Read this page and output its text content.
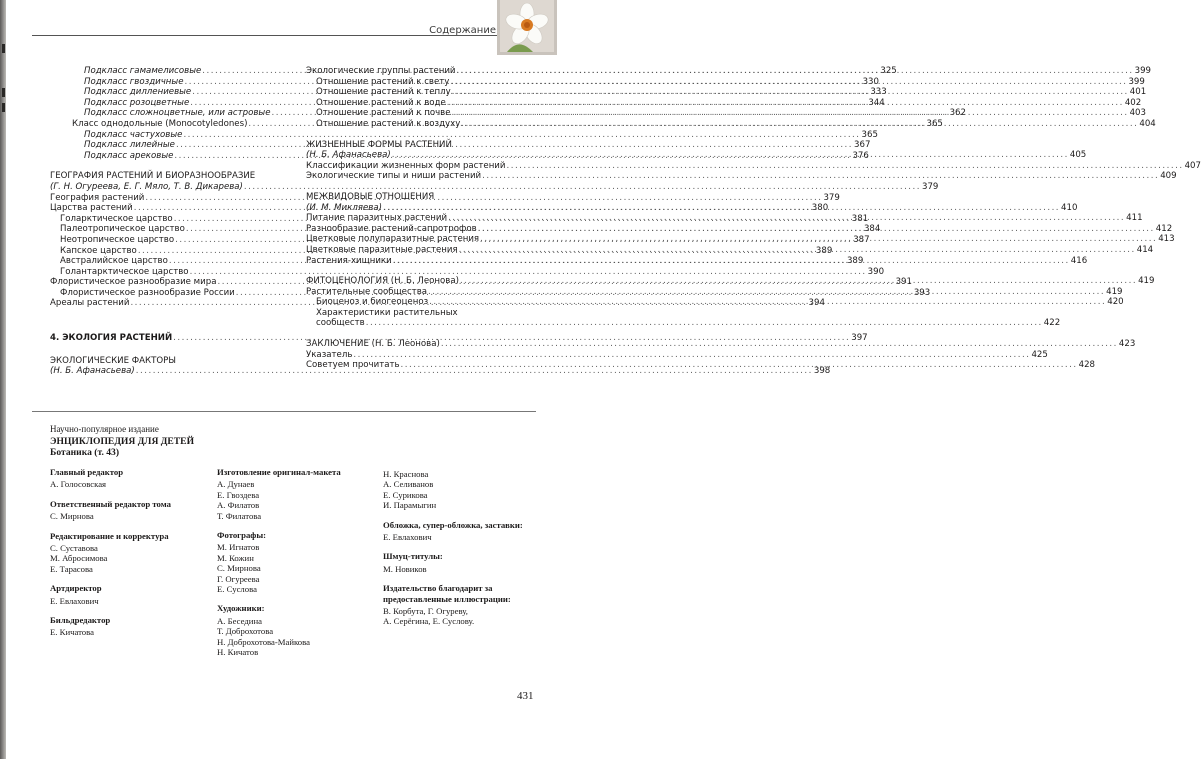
Содержание
Подкласс гамамелисовые .....	325
Подкласс гвоздичные .....	330
Подкласс диллениевые .....	333
Подкласс розоцветные .....	344
Подкласс сложноцветные, или астровые .....	362
Класс однодольные (Monocotyledones) .....	365
Подкласс частуховые .....	365
Подкласс лилейные .....	367
Подкласс арековые .....	376
ГЕОГРАФИЯ РАСТЕНИЙ И БИОРАЗНООБРАЗИЕ
(Г. Н. Огуреева, Е. Г. Мяло, Т. В. Дикарева) .....	379
География растений .....	379
Царства растений .....	380
Голарктическое царство .....	381
Палеотропическое царство .....	384
Неотропическое царство .....	387
Капское царство .....	389
Австралийское царство .....	389
Голантарктическое царство .....	390
Флористическое разнообразие мира .....	391
Флористическое разнообразие России .....	393
Ареалы растений .....	394
4. ЭКОЛОГИЯ РАСТЕНИЙ .....	397
ЭКОЛОГИЧЕСКИЕ ФАКТОРЫ
(Н. Б. Афанасьева) .....	398
Экологические группы растений .....	399
Отношение растений к свету .....	399
Отношение растений к теплу .....	401
Отношение растений к воде .....	402
Отношение растений к почве .....	403
Отношение растений к воздуху .....	404
ЖИЗНЕННЫЕ ФОРМЫ РАСТЕНИЙ
(Н. Б. Афанасьева) .....	405
Классификации жизненных форм растений .....	407
Экологические типы и ниши растений .....	409
МЕЖВИДОВЫЕ ОТНОШЕНИЯ
(И. М. Микляева) .....	410
Питание паразитных растений .....	411
Разнообразие растений-сапротрофов .....	412
Цветковые полупаразитные растения .....	413
Цветковые паразитные растения .....	414
Растения-хищники .....	416
ФИТОЦЕНОЛОГИЯ (Н. Б. Леонова) .....	419
Растительные сообщества .....	419
Биоценоз и биогеоценоз .....	420
Характеристики растительных
сообществ .....	422
ЗАКЛЮЧЕНИЕ (Н. Б. Леонова) .....	423
Указатель .....	425
Советуем прочитать .....	428
Научно-популярное издание
ЭНЦИКЛОПЕДИЯ ДЛЯ ДЕТЕЙ
Ботаника (т. 43)
Главный редактор
А. Голосовская
Ответственный редактор тома
С. Мирнова
Редактирование и корректура
С. Суставова
М. Абросимова
Е. Тарасова
Артдиректор
Е. Евлахович
Бильдредактор
Е. Кичатова
Изготовление оригинал-макета
А. Дунаев
Е. Гвоздева
А. Филатов
Т. Филатова
Фотографы:
М. Игнатов
М. Кожин
С. Мирнова
Г. Огуреева
Е. Суслова
Художники:
А. Беседина
Т. Доброхотова
Н. Доброхотова-Майкова
Н. Кичатов
Н. Краснова
А. Селиванов
Е. Сурикова
И. Парамыгин
Обложка, супер-обложка, заставки:
Е. Евлахович
Шмуц-титулы:
М. Новиков
Издательство благодарит за предоставленные иллюстрации:
В. Корбута, Г. Огуреву,
А. Серёгина, Е. Суслову.
431
